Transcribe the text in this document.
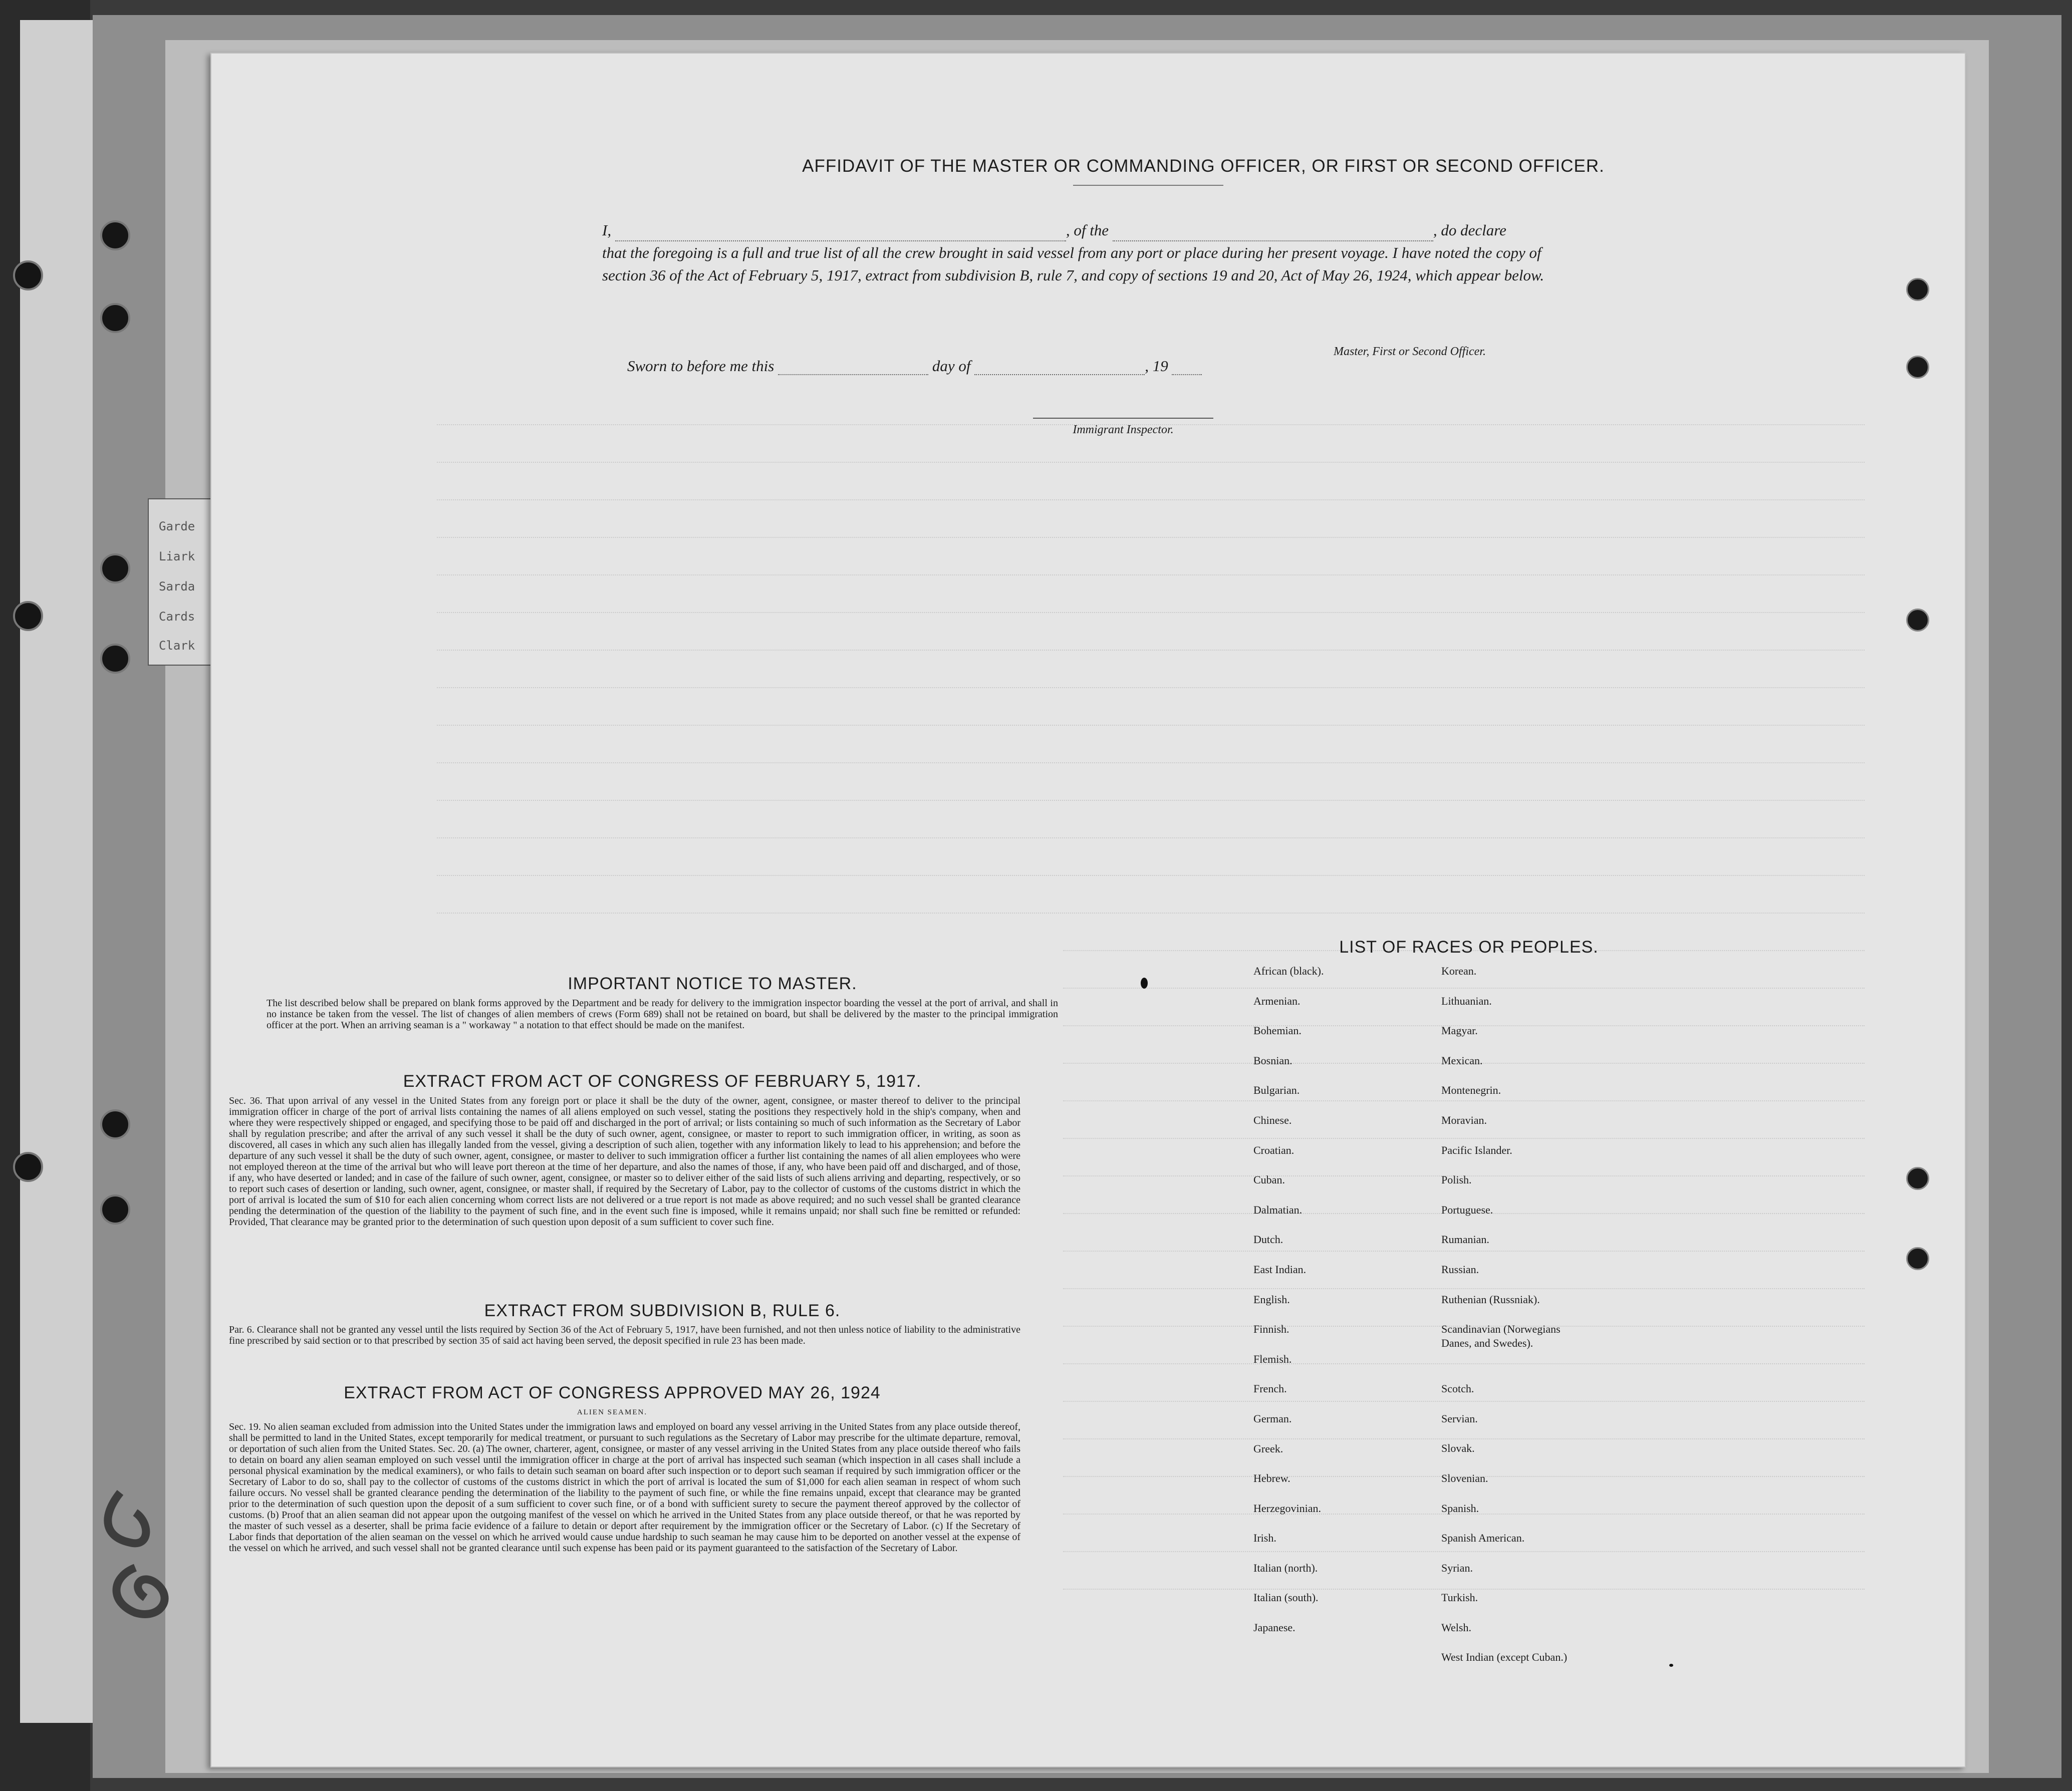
Garde
Liark
Sarda
Cards
Clark
AFFIDAVIT OF THE MASTER OR COMMANDING OFFICER, OR FIRST OR SECOND OFFICER.
I,	, of the	, do declare
that the foregoing is a full and true list of all the crew brought in said vessel from any port or place during her present voyage. I have noted the copy of section 36 of the Act of February 5, 1917, extract from subdivision B, rule 7, and copy of sections 19 and 20, Act of May 26, 1924, which appear below.
Master, First or Second Officer.
Sworn to before me this	day of	, 19
Immigrant Inspector.
IMPORTANT NOTICE TO MASTER.
The list described below shall be prepared on blank forms approved by the Department and be ready for delivery to the immigration inspector boarding the vessel at the port of arrival, and shall in no instance be taken from the vessel. The list of changes of alien members of crews (Form 689) shall not be retained on board, but shall be delivered by the master to the principal immigration officer at the port. When an arriving seaman is a " workaway " a notation to that effect should be made on the manifest.
EXTRACT FROM ACT OF CONGRESS OF FEBRUARY 5, 1917.
Sec. 36. That upon arrival of any vessel in the United States from any foreign port or place it shall be the duty of the owner, agent, consignee, or master thereof to deliver to the principal immigration officer in charge of the port of arrival lists containing the names of all aliens employed on such vessel, stating the positions they respectively hold in the ship's company, when and where they were respectively shipped or engaged, and specifying those to be paid off and discharged in the port of arrival; or lists containing so much of such information as the Secretary of Labor shall by regulation prescribe; and after the arrival of any such vessel it shall be the duty of such owner, agent, consignee, or master to report to such immigration officer, in writing, as soon as discovered, all cases in which any such alien has illegally landed from the vessel, giving a description of such alien, together with any information likely to lead to his apprehension; and before the departure of any such vessel it shall be the duty of such owner, agent, consignee, or master to deliver to such immigration officer a further list containing the names of all alien employees who were not employed thereon at the time of the arrival but who will leave port thereon at the time of her departure, and also the names of those, if any, who have been paid off and discharged, and of those, if any, who have deserted or landed; and in case of the failure of such owner, agent, consignee, or master so to deliver either of the said lists of such aliens arriving and departing, respectively, or so to report such cases of desertion or landing, such owner, agent, consignee, or master shall, if required by the Secretary of Labor, pay to the collector of customs of the customs district in which the port of arrival is located the sum of $10 for each alien concerning whom correct lists are not delivered or a true report is not made as above required; and no such vessel shall be granted clearance pending the determination of the question of the liability to the payment of such fine, and in the event such fine is imposed, while it remains unpaid; nor shall such fine be remitted or refunded: Provided, That clearance may be granted prior to the determination of such question upon deposit of a sum sufficient to cover such fine.
EXTRACT FROM SUBDIVISION B, RULE 6.
Par. 6. Clearance shall not be granted any vessel until the lists required by Section 36 of the Act of February 5, 1917, have been furnished, and not then unless notice of liability to the administrative fine prescribed by said section or to that prescribed by section 35 of said act having been served, the deposit specified in rule 23 has been made.
EXTRACT FROM ACT OF CONGRESS APPROVED MAY 26, 1924
ALIEN SEAMEN.
Sec. 19. No alien seaman excluded from admission into the United States under the immigration laws and employed on board any vessel arriving in the United States from any place outside thereof, shall be permitted to land in the United States, except temporarily for medical treatment, or pursuant to such regulations as the Secretary of Labor may prescribe for the ultimate departure, removal, or deportation of such alien from the United States. Sec. 20. (a) The owner, charterer, agent, consignee, or master of any vessel arriving in the United States from any place outside thereof who fails to detain on board any alien seaman employed on such vessel until the immigration officer in charge at the port of arrival has inspected such seaman (which inspection in all cases shall include a personal physical examination by the medical examiners), or who fails to detain such seaman on board after such inspection or to deport such seaman if required by such immigration officer or the Secretary of Labor to do so, shall pay to the collector of customs of the customs district in which the port of arrival is located the sum of $1,000 for each alien seaman in respect of whom such failure occurs. No vessel shall be granted clearance pending the determination of the liability to the payment of such fine, or while the fine remains unpaid, except that clearance may be granted prior to the determination of such question upon the deposit of a sum sufficient to cover such fine, or of a bond with sufficient surety to secure the payment thereof approved by the collector of customs. (b) Proof that an alien seaman did not appear upon the outgoing manifest of the vessel on which he arrived in the United States from any place outside thereof, or that he was reported by the master of such vessel as a deserter, shall be prima facie evidence of a failure to detain or deport after requirement by the immigration officer or the Secretary of Labor. (c) If the Secretary of Labor finds that deportation of the alien seaman on the vessel on which he arrived would cause undue hardship to such seaman he may cause him to be deported on another vessel at the expense of the vessel on which he arrived, and such vessel shall not be granted clearance until such expense has been paid or its payment guaranteed to the satisfaction of the Secretary of Labor.
LIST OF RACES OR PEOPLES.
African (black).
Armenian.
Bohemian.
Bosnian.
Bulgarian.
Chinese.
Croatian.
Cuban.
Dalmatian.
Dutch.
East Indian.
English.
Finnish.
Flemish.
French.
German.
Greek.
Hebrew.
Herzegovinian.
Irish.
Italian (north).
Italian (south).
Japanese.
Korean.
Lithuanian.
Magyar.
Mexican.
Montenegrin.
Moravian.
Pacific Islander.
Polish.
Portuguese.
Rumanian.
Russian.
Ruthenian (Russniak).
Scandinavian (Norwegians Danes, and Swedes).
Scotch.
Servian.
Slovak.
Slovenian.
Spanish.
Spanish American.
Syrian.
Turkish.
Welsh.
West Indian (except Cuban.)
